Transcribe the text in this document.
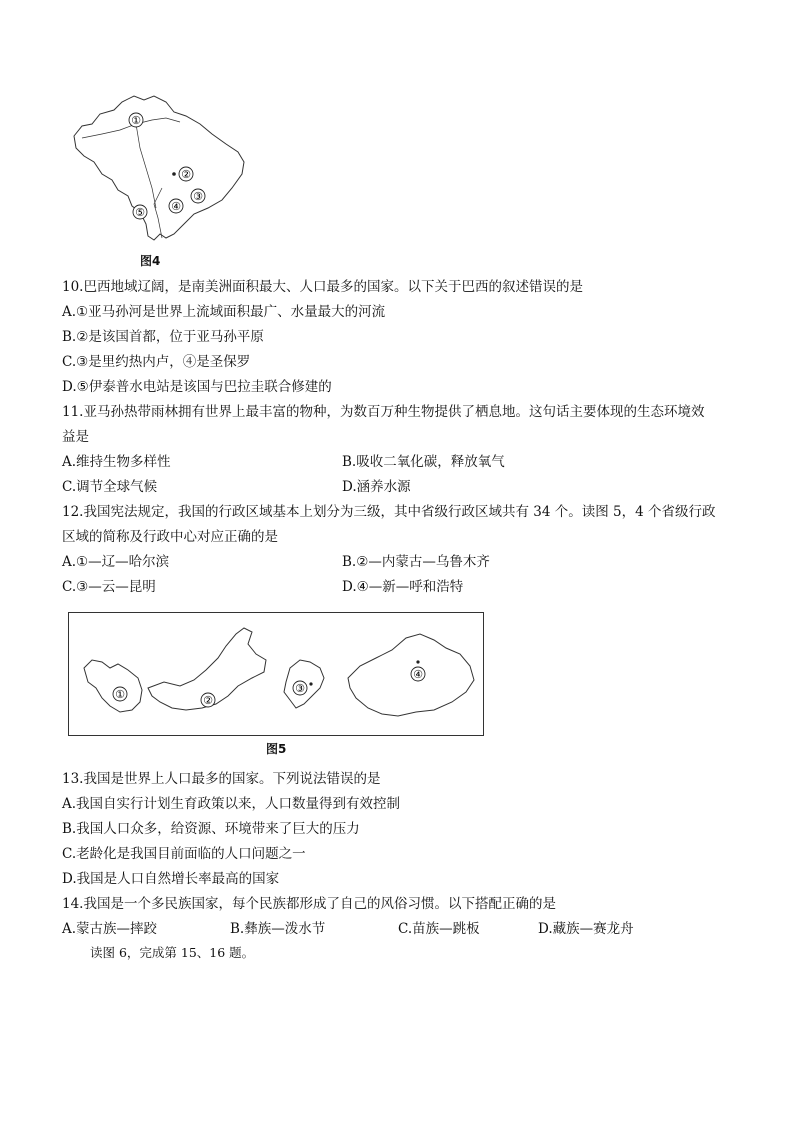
①
②
③
④
⑤
图4
10.巴西地域辽阔，是南美洲面积最大、人口最多的国家。以下关于巴西的叙述错误的是
A.①亚马孙河是世界上流域面积最广、水量最大的河流
B.②是该国首都，位于亚马孙平原
C.③是里约热内卢，④是圣保罗
D.⑤伊泰普水电站是该国与巴拉圭联合修建的
11.亚马孙热带雨林拥有世界上最丰富的物种，为数百万种生物提供了栖息地。这句话主要体现的生态环境效
益是
A.维持生物多样性	B.吸收二氧化碳，释放氧气
C.调节全球气候	D.涵养水源
12.我国宪法规定，我国的行政区域基本上划分为三级，其中省级行政区域共有 34 个。读图 5，4 个省级行政
区域的简称及行政中心对应正确的是
A.①—辽—哈尔滨	B.②—内蒙古—乌鲁木齐
C.③—云—昆明	D.④—新—呼和浩特
①	②
③
④
图5
13.我国是世界上人口最多的国家。下列说法错误的是
A.我国自实行计划生育政策以来，人口数量得到有效控制
B.我国人口众多，给资源、环境带来了巨大的压力
C.老龄化是我国目前面临的人口问题之一
D.我国是人口自然增长率最高的国家
14.我国是一个多民族国家，每个民族都形成了自己的风俗习惯。以下搭配正确的是
A.蒙古族—摔跤	B.彝族—泼水节	C.苗族—跳板	D.藏族—赛龙舟
读图 6，完成第 15、16 题。
